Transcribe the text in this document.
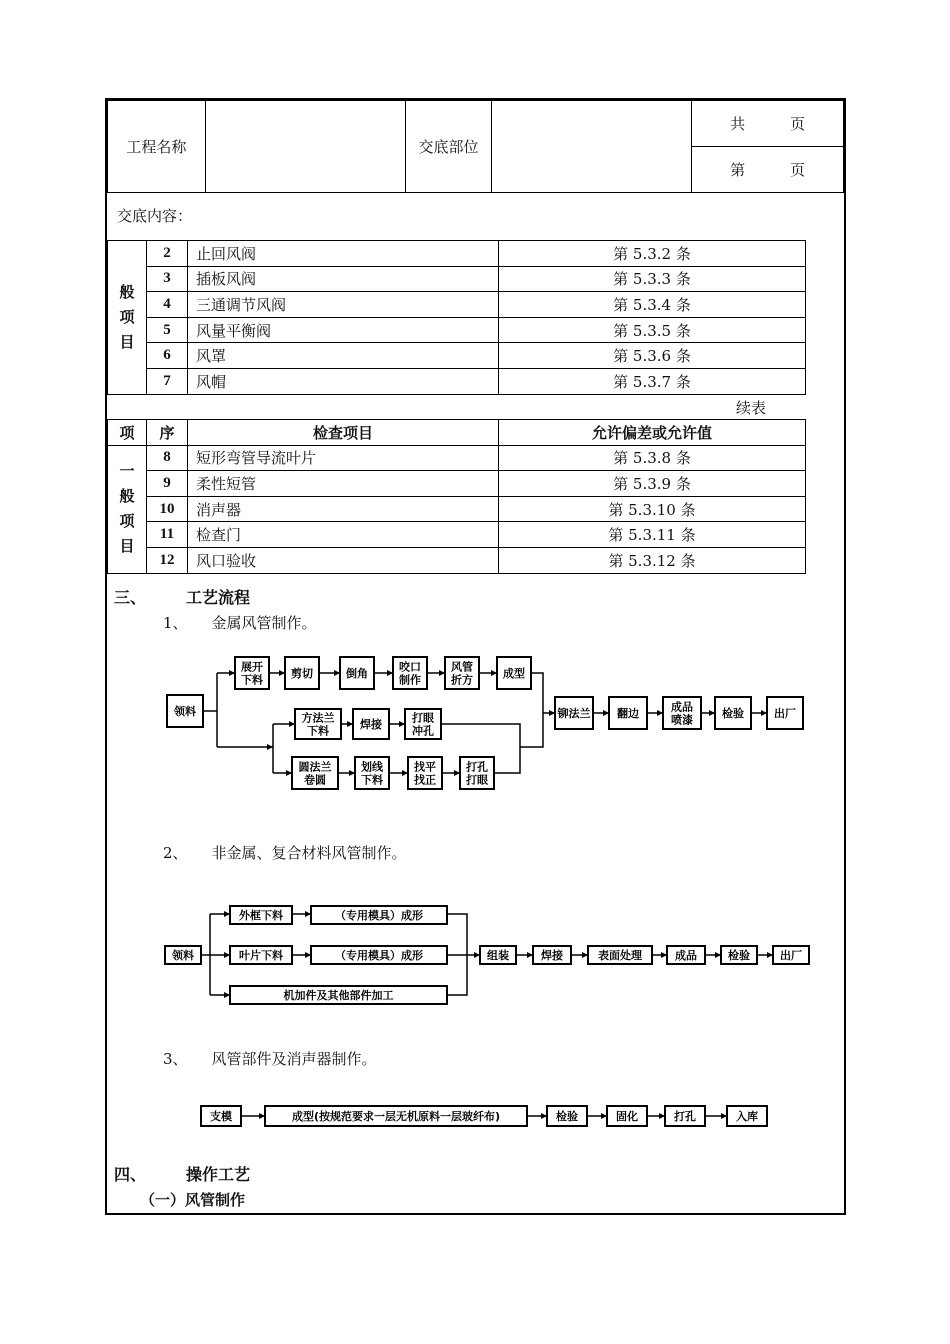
工程名称		交底部位		共　　　页
第　　　页
交底内容：
般
项
目	2	止回风阀	第 5.3.2 条
	3	插板风阀	第 5.3.3 条
	4	三通调节风阀	第 5.3.4 条
	5	风量平衡阀	第 5.3.5 条
	6	风罩	第 5.3.6 条
	7	风帽	第 5.3.7 条
续表
项	序	检查项目	允许偏差或允许值
一
般
项
目	8	短形弯管导流叶片	第 5.3.8 条
	9	柔性短管	第 5.3.9 条
	10	消声器	第 5.3.10 条
	11	检查门	第 5.3.11 条
	12	风口验收	第 5.3.12 条
三、	工艺流程
1、 金属风管制作。
2、 非金属、复合材料风管制作。
3、 风管部件及消声器制作。
领料
展开
下料	剪切	倒角	咬口
制作
风管
折方	成型
方法兰
下料	焊接	打眼
冲孔
圆法兰
卷圆
划线
下料
找平
找正
打孔
打眼
铆法兰 翻边	成品
喷漆	检验	出厂
领料
外框下料	（专用模具）成形
叶片下料	（专用模具）成形
机加件及其他部件加工
组装	焊接	表面处理	成品	检验	出厂
支模	成型(按规范要求一层无机原料一层玻纤布)	检验	固化	打孔	入库
四、	操作工艺
（一）风管制作
